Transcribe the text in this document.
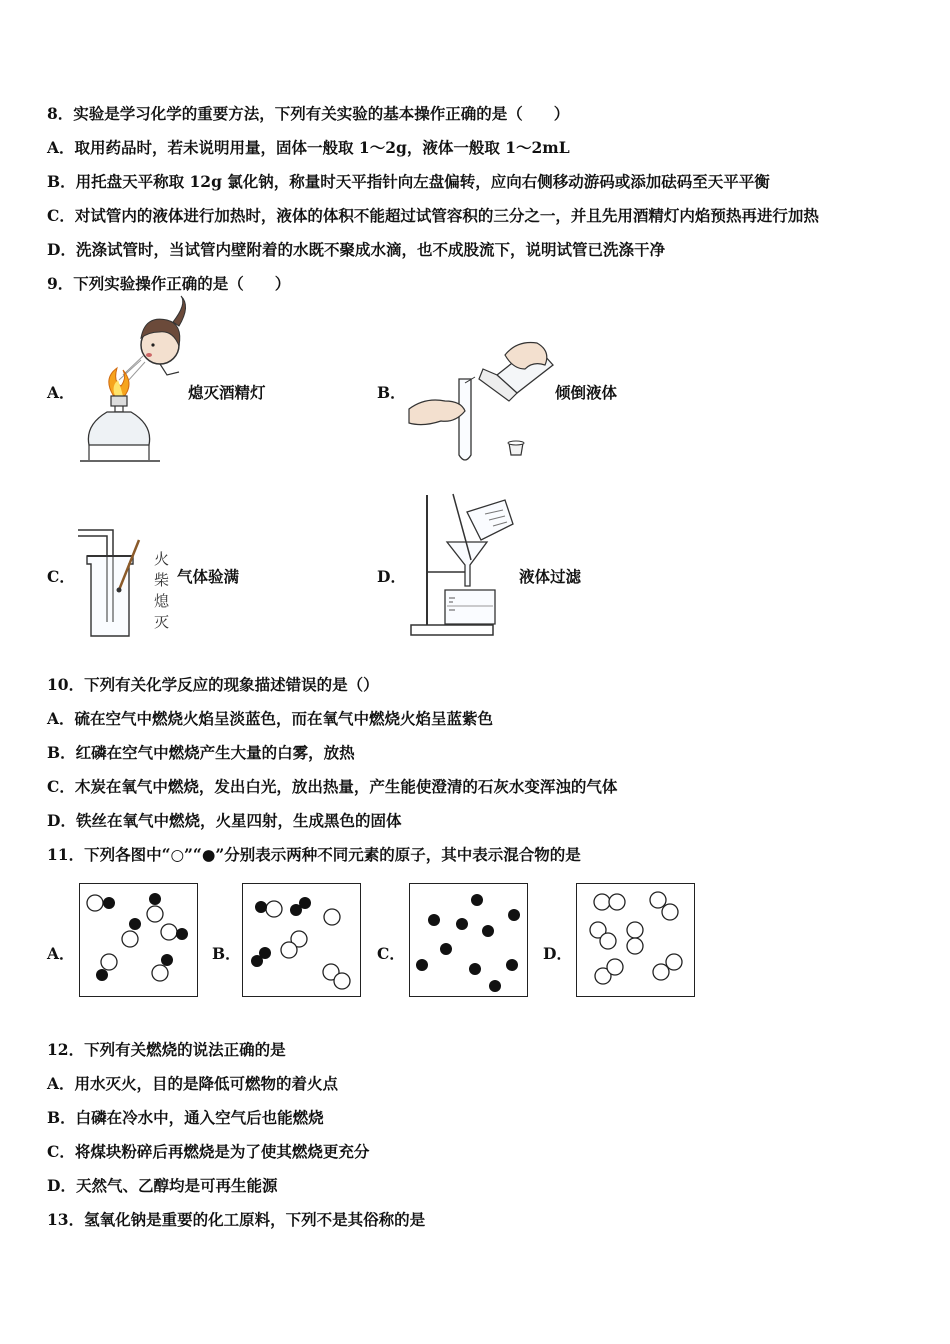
8．实验是学习化学的重要方法，下列有关实验的基本操作正确的是（　　）
A．取用药品时，若未说明用量，固体一般取 1～2g，液体一般取 1～2mL
B．用托盘天平称取 12g 氯化钠，称量时天平指针向左盘偏转，应向右侧移动游码或添加砝码至天平平衡
C．对试管内的液体进行加热时，液体的体积不能超过试管容积的三分之一，并且先用酒精灯内焰预热再进行加热
D．洗涤试管时，当试管内壁附着的水既不聚成水滴，也不成股流下，说明试管已洗涤干净
9．下列实验操作正确的是（　　）
A．	熄灭酒精灯	B．	倾倒液体
C．
火
柴
熄
灭
气体验满	D．	液体过滤
10．下列有关化学反应的现象描述错误的是（）
A．硫在空气中燃烧火焰呈淡蓝色，而在氧气中燃烧火焰呈蓝紫色
B．红磷在空气中燃烧产生大量的白雾，放热
C．木炭在氧气中燃烧，发出白光，放出热量，产生能使澄清的石灰水变浑浊的气体
D．铁丝在氧气中燃烧，火星四射，生成黑色的固体
11．下列各图中“○”“●”分别表示两种不同元素的原子，其中表示混合物的是
A．	B．	C．	D．
12．下列有关燃烧的说法正确的是
A．用水灭火，目的是降低可燃物的着火点
B．白磷在冷水中，通入空气后也能燃烧
C．将煤块粉碎后再燃烧是为了使其燃烧更充分
D．天然气、乙醇均是可再生能源
13．氢氧化钠是重要的化工原料，下列不是其俗称的是
